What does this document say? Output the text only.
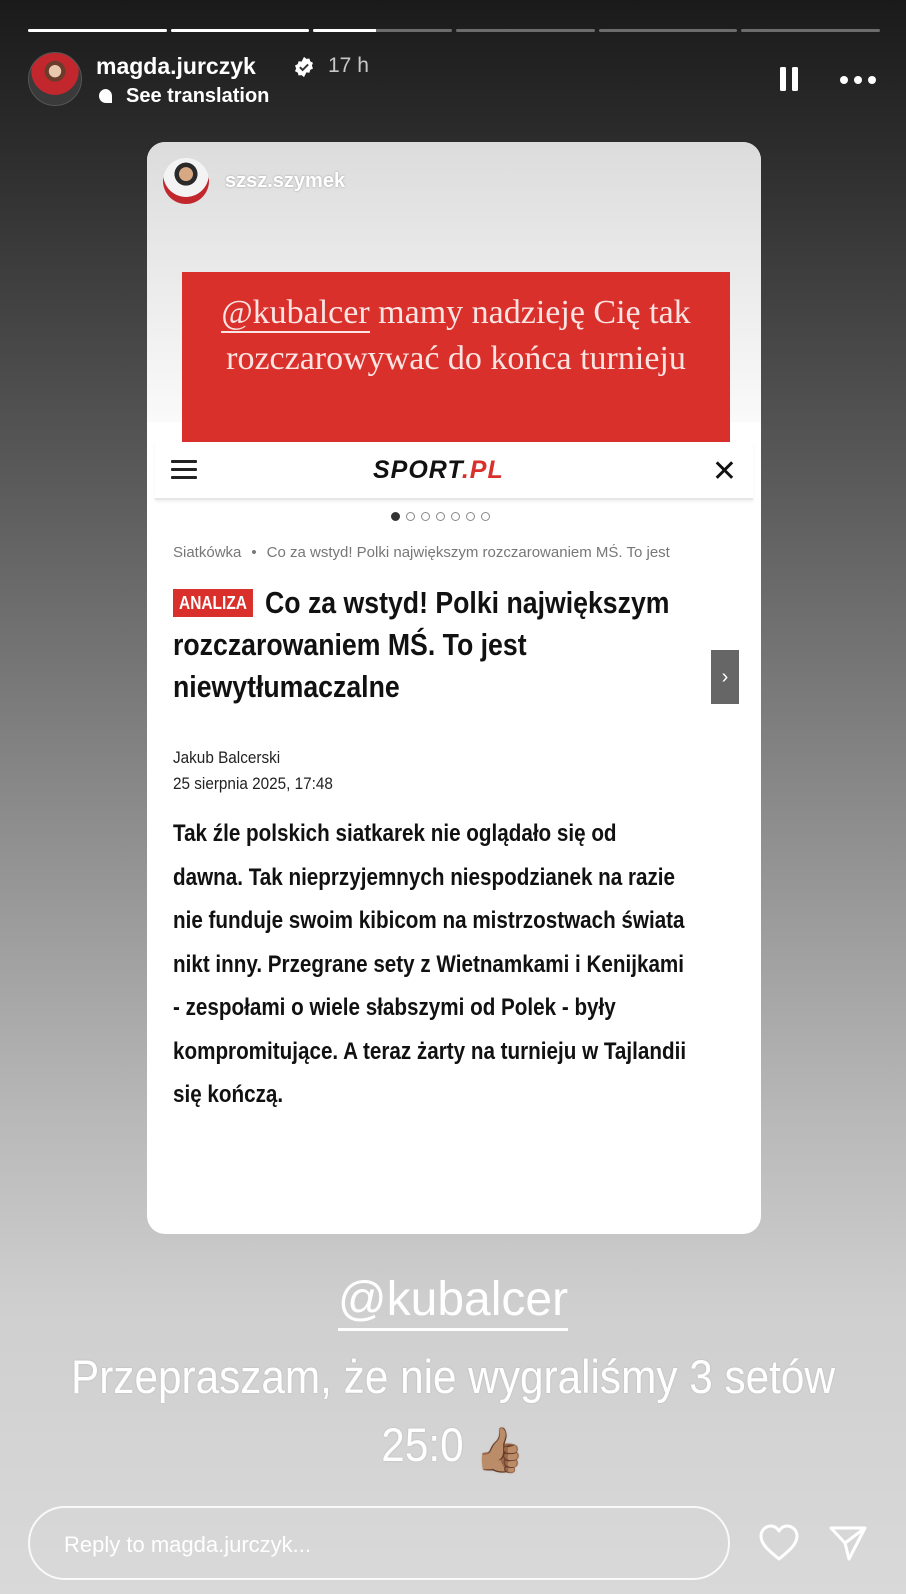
magda.jurczyk	17 h
See translation
szsz.szymek
@kubalcer mamy nadzieję Cię tak rozczarowywać do końca turnieju
SPORT.PL	✕
Siatkówka • Co za wstyd! Polki największym rozczarowaniem MŚ. To jest
ANALIZA Co za wstyd! Polki największym rozczarowaniem MŚ. To jest niewytłumaczalne	›
Jakub Balcerski
25 sierpnia 2025, 17:48
Tak źle polskich siatkarek nie oglądało się od dawna. Tak nieprzyjemnych niespodzianek na razie nie funduje swoim kibicom na mistrzostwach świata nikt inny. Przegrane sety z Wietnamkami i Kenijkami - zespołami o wiele słabszymi od Polek - były kompromitujące. A teraz żarty na turnieju w Tajlandii się kończą.
@kubalcer
Przepraszam, że nie wygraliśmy 3 setów 25:0 👍🏽
Reply to magda.jurczyk...
